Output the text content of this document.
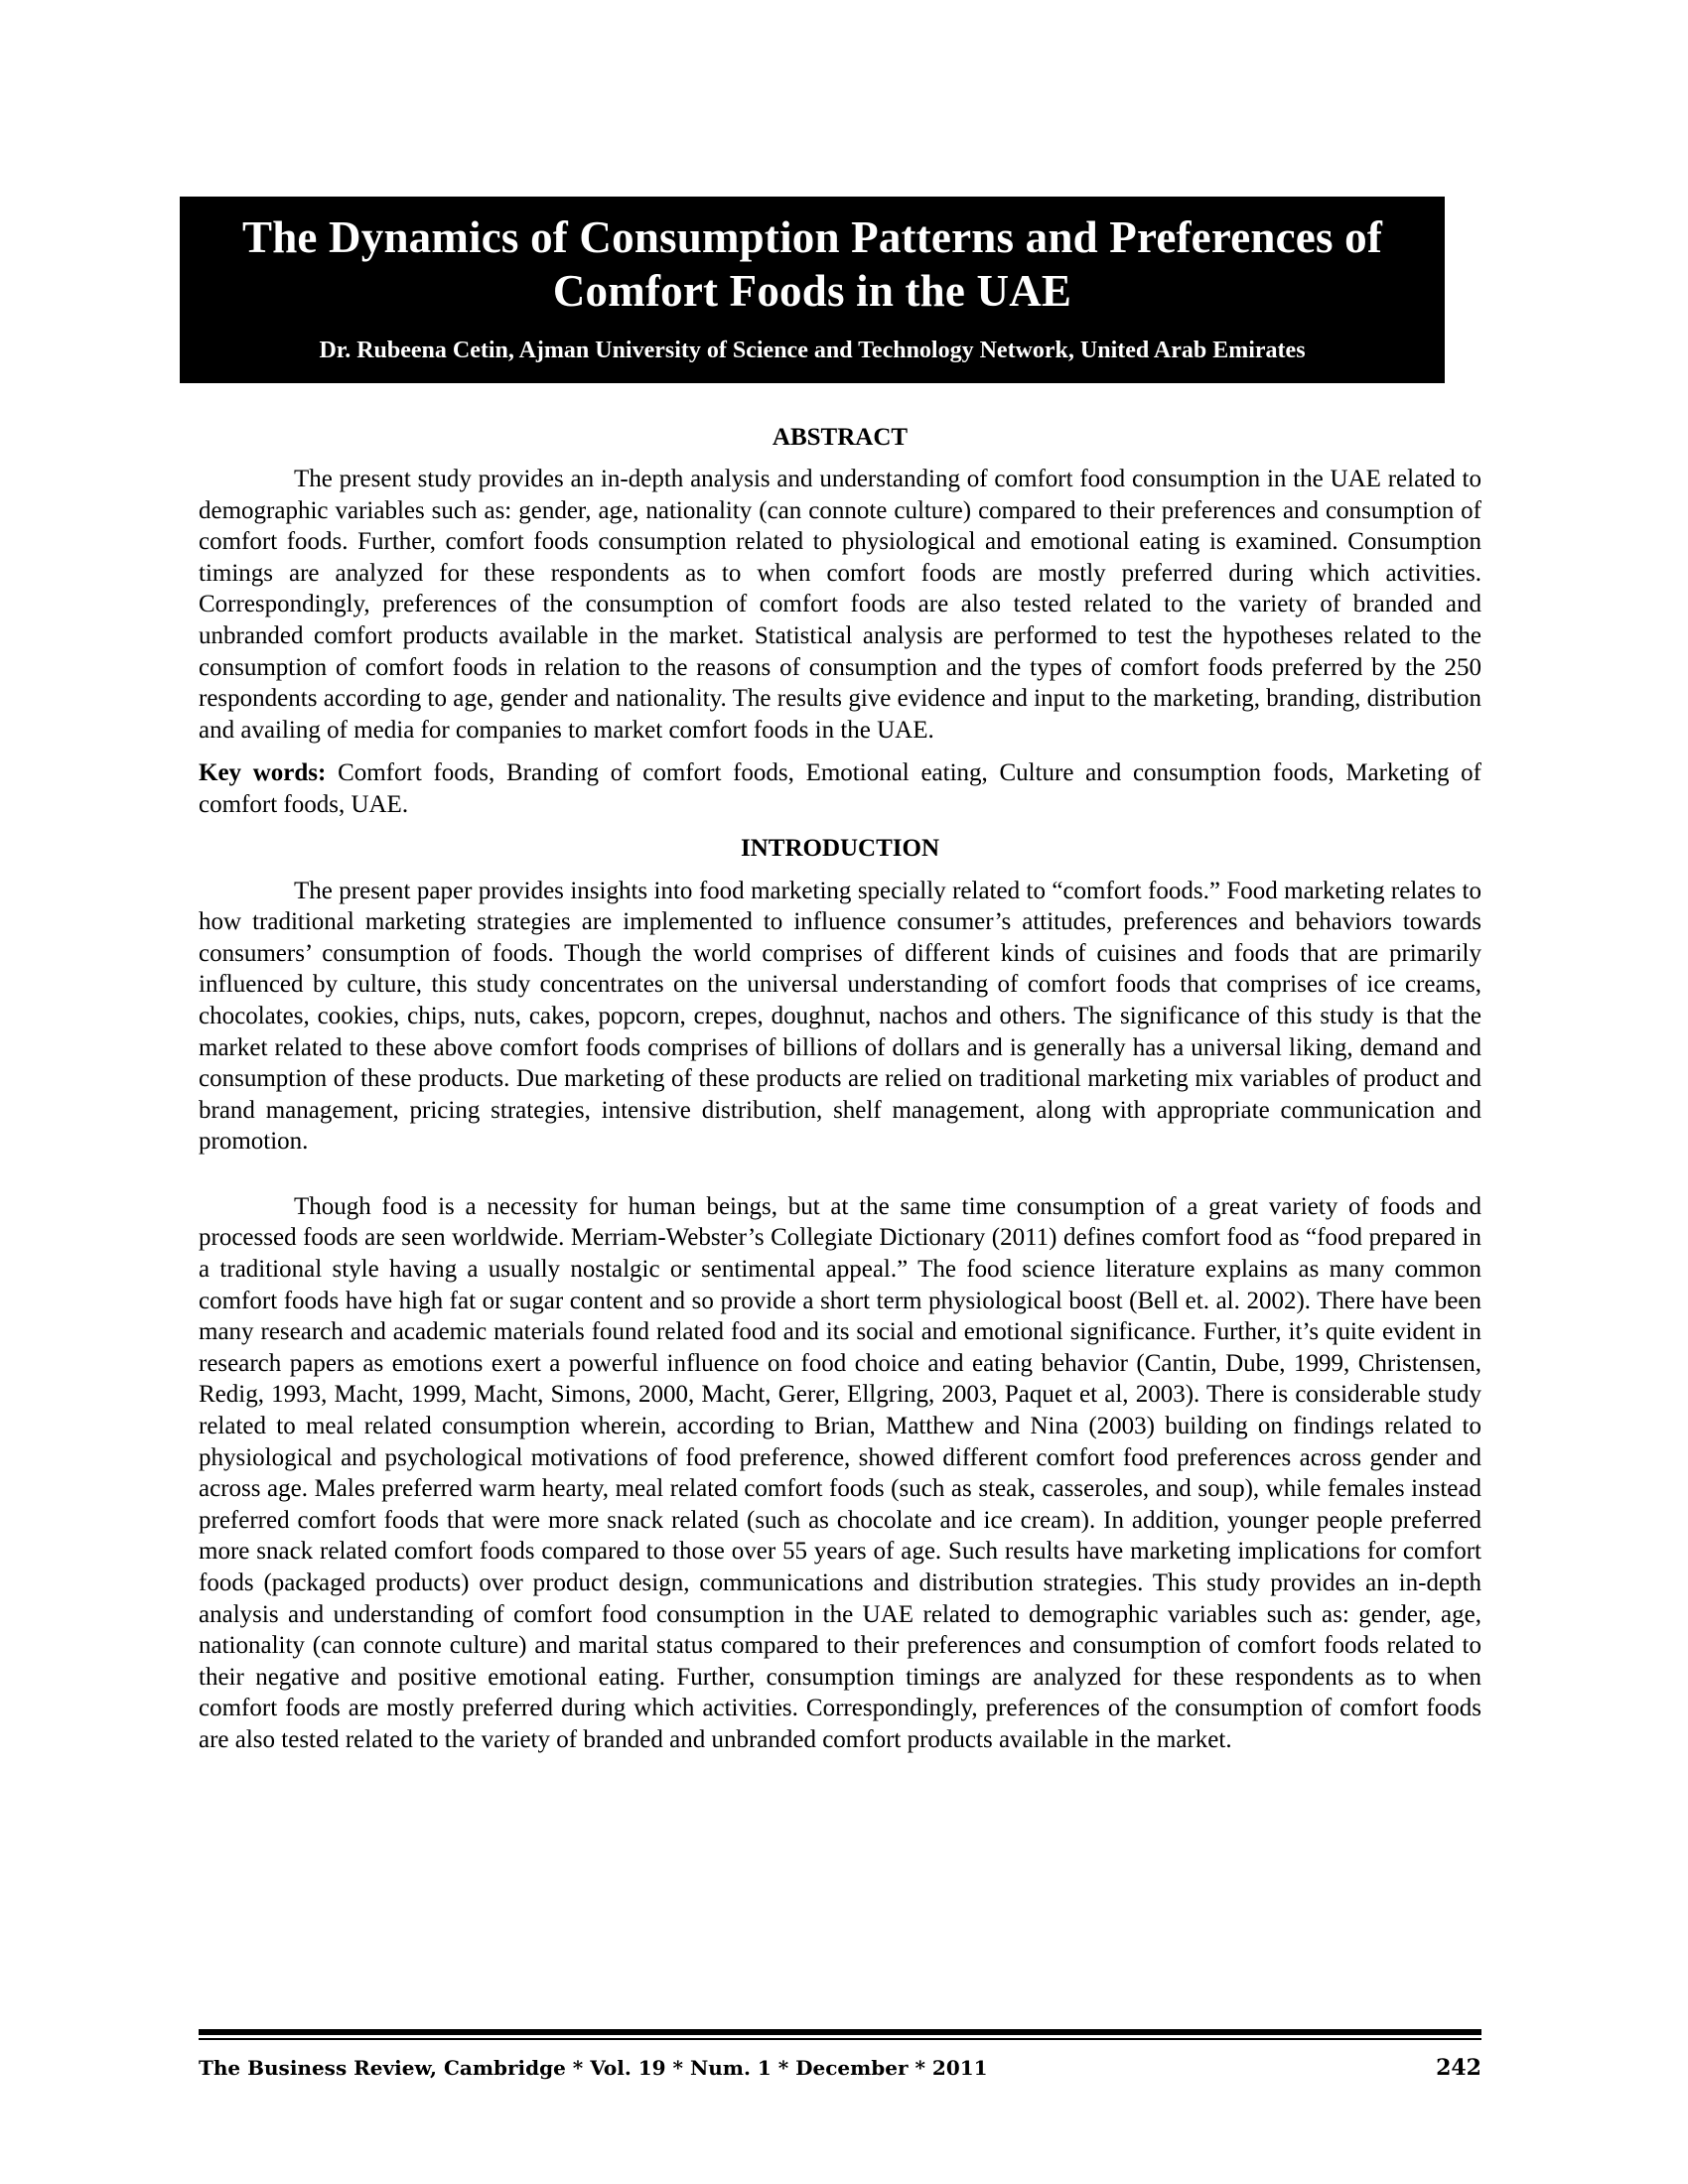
The Dynamics of Consumption Patterns and Preferences of Comfort Foods in the UAE
Dr. Rubeena Cetin, Ajman University of Science and Technology Network, United Arab Emirates
ABSTRACT

The present study provides an in-depth analysis and understanding of comfort food consumption in the UAE related to demographic variables such as: gender, age, nationality (can connote culture) compared to their preferences and consumption of comfort foods. Further, comfort foods consumption related to physiological and emotional eating is examined. Consumption timings are analyzed for these respondents as to when comfort foods are mostly preferred during which activities. Correspondingly, preferences of the consumption of comfort foods are also tested related to the variety of branded and unbranded comfort products available in the market. Statistical analysis are performed to test the hypotheses related to the consumption of comfort foods in relation to the reasons of consumption and the types of comfort foods preferred by the 250 respondents according to age, gender and nationality. The results give evidence and input to the marketing, branding, distribution and availing of media for companies to market comfort foods in the UAE.

Key words: Comfort foods, Branding of comfort foods, Emotional eating, Culture and consumption foods, Marketing of comfort foods, UAE.

INTRODUCTION

The present paper provides insights into food marketing specially related to “comfort foods.” Food marketing relates to how traditional marketing strategies are implemented to influence consumer’s attitudes, preferences and behaviors towards consumers’ consumption of foods. Though the world comprises of different kinds of cuisines and foods that are primarily influenced by culture, this study concentrates on the universal understanding of comfort foods that comprises of ice creams, chocolates, cookies, chips, nuts, cakes, popcorn, crepes, doughnut, nachos and others. The significance of this study is that the market related to these above comfort foods comprises of billions of dollars and is generally has a universal liking, demand and consumption of these products. Due marketing of these products are relied on traditional marketing mix variables of product and brand management, pricing strategies, intensive distribution, shelf management, along with appropriate communication and promotion.

Though food is a necessity for human beings, but at the same time consumption of a great variety of foods and processed foods are seen worldwide. Merriam-Webster’s Collegiate Dictionary (2011) defines comfort food as “food prepared in a traditional style having a usually nostalgic or sentimental appeal.” The food science literature explains as many common comfort foods have high fat or sugar content and so provide a short term physiological boost (Bell et. al. 2002). There have been many research and academic materials found related food and its social and emotional significance. Further, it’s quite evident in research papers as emotions exert a powerful influence on food choice and eating behavior (Cantin, Dube, 1999, Christensen, Redig, 1993, Macht, 1999, Macht, Simons, 2000, Macht, Gerer, Ellgring, 2003, Paquet et al, 2003). There is considerable study related to meal related consumption wherein, according to Brian, Matthew and Nina (2003) building on findings related to physiological and psychological motivations of food preference, showed different comfort food preferences across gender and across age. Males preferred warm hearty, meal related comfort foods (such as steak, casseroles, and soup), while females instead preferred comfort foods that were more snack related (such as chocolate and ice cream). In addition, younger people preferred more snack related comfort foods compared to those over 55 years of age. Such results have marketing implications for comfort foods (packaged products) over product design, communications and distribution strategies. This study provides an in-depth analysis and understanding of comfort food consumption in the UAE related to demographic variables such as: gender, age, nationality (can connote culture) and marital status compared to their preferences and consumption of comfort foods related to their negative and positive emotional eating. Further, consumption timings are analyzed for these respondents as to when comfort foods are mostly preferred during which activities. Correspondingly, preferences of the consumption of comfort foods are also tested related to the variety of branded and unbranded comfort products available in the market.

The Business Review, Cambridge * Vol. 19 * Num. 1 * December * 2011	242
